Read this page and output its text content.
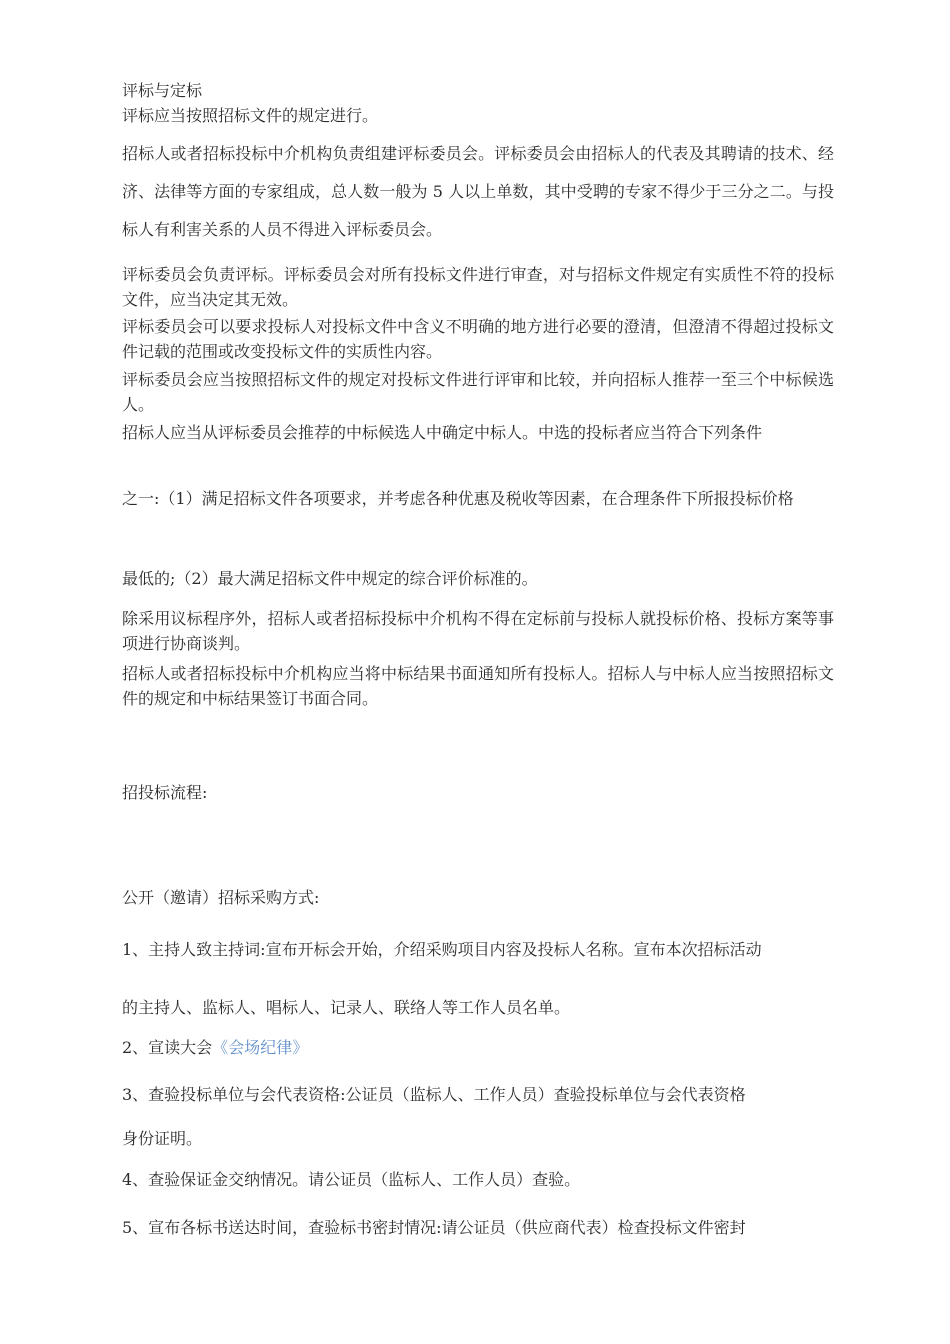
评标与定标
评标应当按照招标文件的规定进行。
招标人或者招标投标中介机构负责组建评标委员会。评标委员会由招标人的代表及其聘请的技术、经济、法律等方面的专家组成，总人数一般为 5 人以上单数，其中受聘的专家不得少于三分之二。与投标人有利害关系的人员不得进入评标委员会。
评标委员会负责评标。评标委员会对所有投标文件进行审查，对与招标文件规定有实质性不符的投标文件，应当决定其无效。
评标委员会可以要求投标人对投标文件中含义不明确的地方进行必要的澄清，但澄清不得超过投标文件记载的范围或改变投标文件的实质性内容。
评标委员会应当按照招标文件的规定对投标文件进行评审和比较，并向招标人推荐一至三个中标候选人。
招标人应当从评标委员会推荐的中标候选人中确定中标人。中选的投标者应当符合下列条件
之一:（1）满足招标文件各项要求，并考虑各种优惠及税收等因素，在合理条件下所报投标价格
最低的;（2）最大满足招标文件中规定的综合评价标准的。
除采用议标程序外，招标人或者招标投标中介机构不得在定标前与投标人就投标价格、投标方案等事项进行协商谈判。
招标人或者招标投标中介机构应当将中标结果书面通知所有投标人。招标人与中标人应当按照招标文件的规定和中标结果签订书面合同。
招投标流程:
公开（邀请）招标采购方式:
1、主持人致主持词:宣布开标会开始，介绍采购项目内容及投标人名称。宣布本次招标活动
的主持人、监标人、唱标人、记录人、联络人等工作人员名单。
2、宣读大会《会场纪律》
3、查验投标单位与会代表资格:公证员（监标人、工作人员）查验投标单位与会代表资格
身份证明。
4、查验保证金交纳情况。请公证员（监标人、工作人员）查验。
5、宣布各标书送达时间，查验标书密封情况:请公证员（供应商代表）检查投标文件密封
